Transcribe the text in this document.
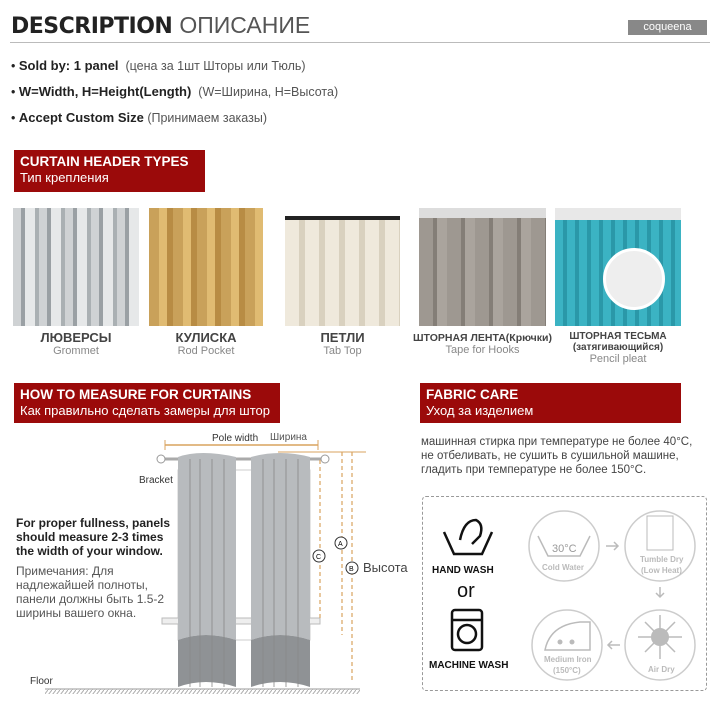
DESCRIPTION ОПИСАНИЕ	coqueena
• Sold by: 1 panel (цена за 1шт Шторы или Тюль)
• W=Width, H=Height(Length) (W=Ширина, H=Высота)
• Accept Custom Size (Принимаем заказы)
CURTAIN HEADER TYPES
Тип крепления
ЛЮВЕРСЫ
Grommet
КУЛИСКА
Rod Pocket
ПЕТЛИ
Tab Top
ШТОРНАЯ ЛЕНТА(Крючки)
Tape for Hooks
ШТОРНАЯ ТЕСЬМА (затягивающийся)
Pencil pleat
HOW TO MEASURE FOR CURTAINS
Как правильно сделать замеры для штор
FABRIC CARE
Уход за изделием
Pole width Ширина
C
A
B Высота
Bracket
Floor
For proper fullness, panels should measure 2-3 times the width of your window.
Примечания: Для надлежайшей полноты, панели должны быть 1.5-2 ширины вашего окна.
машинная стирка при температуре не более 40°C,
не отбеливать, не сушить в сушильной машине,
гладить при температуре не более 150°C.
HAND WASH
or
MACHINE WASH
30°C
Cold Water
Tumble Dry
(Low Heat)
Air Dry
Medium Iron
(150°C)
